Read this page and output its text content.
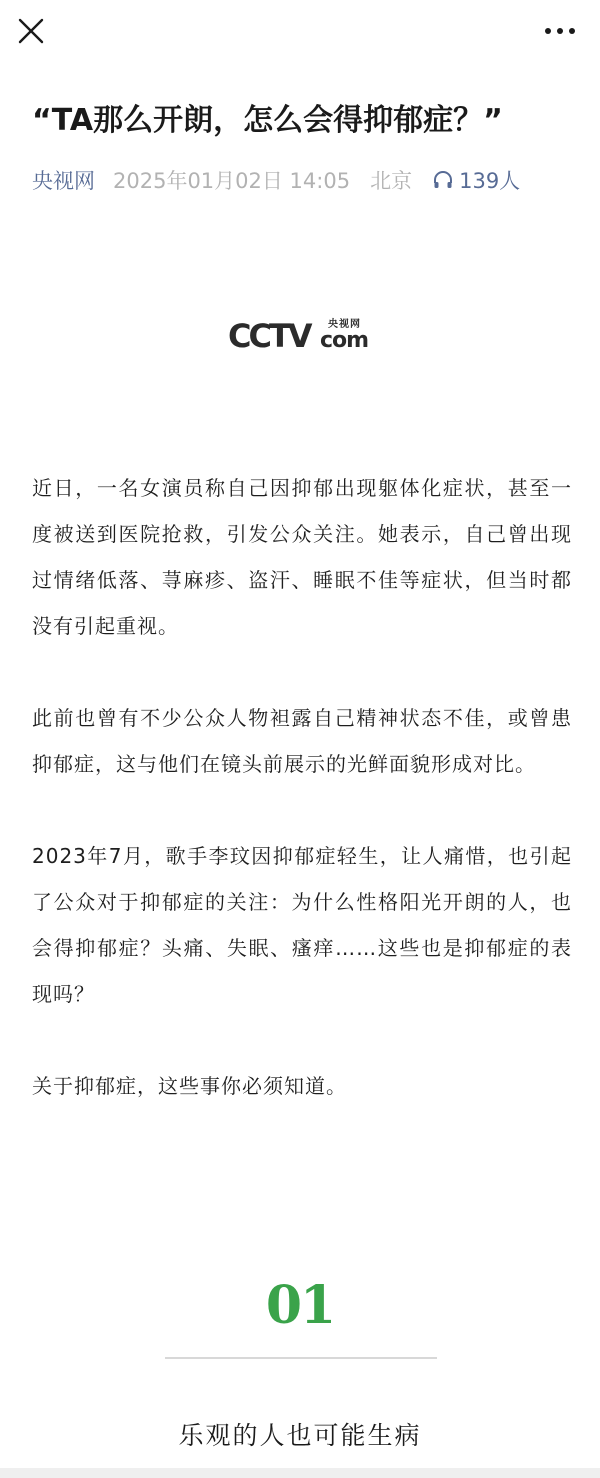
“TA那么开朗，怎么会得抑郁症？”
央视网 2025年01月02日 14:05 北京 139人
CCTV 央视网
com

近日，一名女演员称自己因抑郁出现躯体化症状，甚至一度被送到医院抢救，引发公众关注。她表示，自己曾出现过情绪低落、荨麻疹、盗汗、睡眠不佳等症状，但当时都没有引起重视。

此前也曾有不少公众人物袒露自己精神状态不佳，或曾患抑郁症，这与他们在镜头前展示的光鲜面貌形成对比。

2023年7月，歌手李玟因抑郁症轻生，让人痛惜，也引起了公众对于抑郁症的关注：为什么性格阳光开朗的人，也会得抑郁症？头痛、失眠、瘙痒……这些也是抑郁症的表现吗？

关于抑郁症，这些事你必须知道。

01
乐观的人也可能生病
